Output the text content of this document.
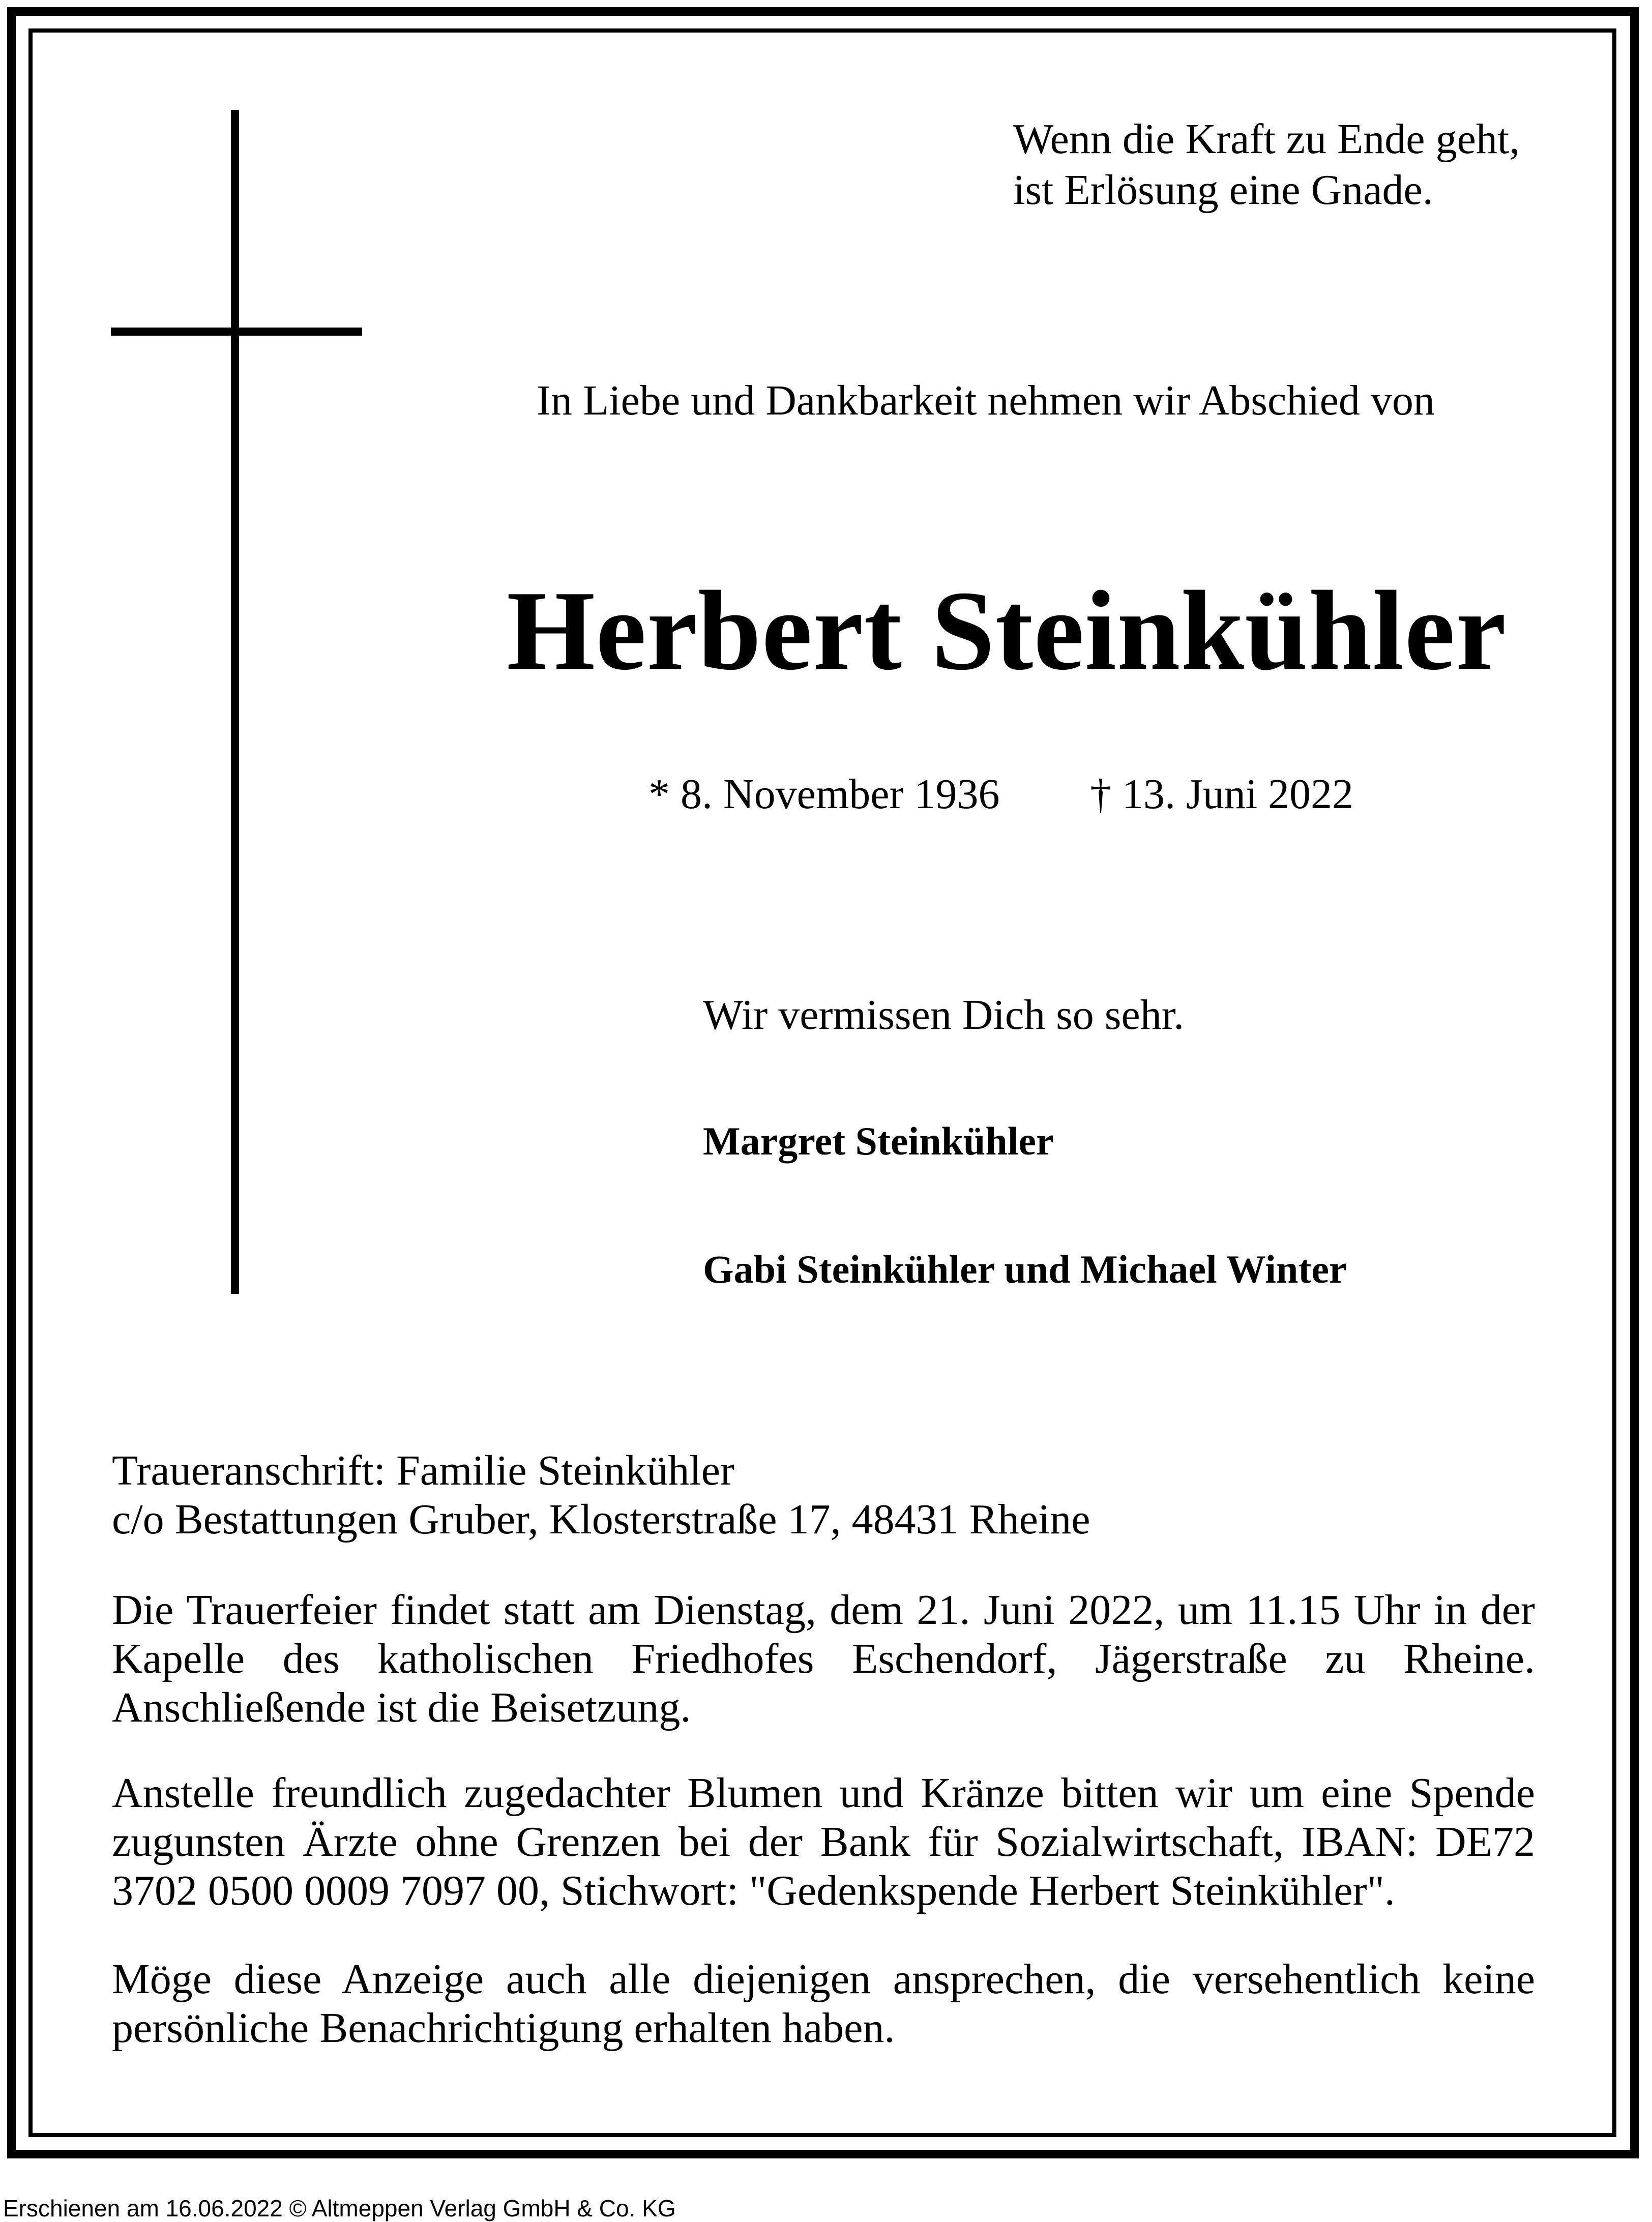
Wenn die Kraft zu Ende geht,
ist Erlösung eine Gnade.
In Liebe und Dankbarkeit nehmen wir Abschied von
Herbert Steinkühler
* 8. November 1936 † 13. Juni 2022
Wir vermissen Dich so sehr.
Margret Steinkühler
Gabi Steinkühler und Michael Winter
Traueranschrift: Familie Steinkühler
c/o Bestattungen Gruber, Klosterstraße 17, 48431 Rheine

Die Trauerfeier findet statt am Dienstag, dem 21. Juni 2022, um 11.15 Uhr in der Kapelle des katholischen Friedhofes Eschendorf, Jägerstraße zu Rheine. Anschließende ist die Beisetzung.

Anstelle freundlich zugedachter Blumen und Kränze bitten wir um eine Spende zugunsten Ärzte ohne Grenzen bei der Bank für Sozialwirtschaft, IBAN: DE72 3702 0500 0009 7097 00, Stichwort: "Gedenkspende Herbert Steinkühler".

Möge diese Anzeige auch alle diejenigen ansprechen, die versehentlich keine persönliche Benachrichtigung erhalten haben.

Erschienen am 16.06.2022 © Altmeppen Verlag GmbH & Co. KG
